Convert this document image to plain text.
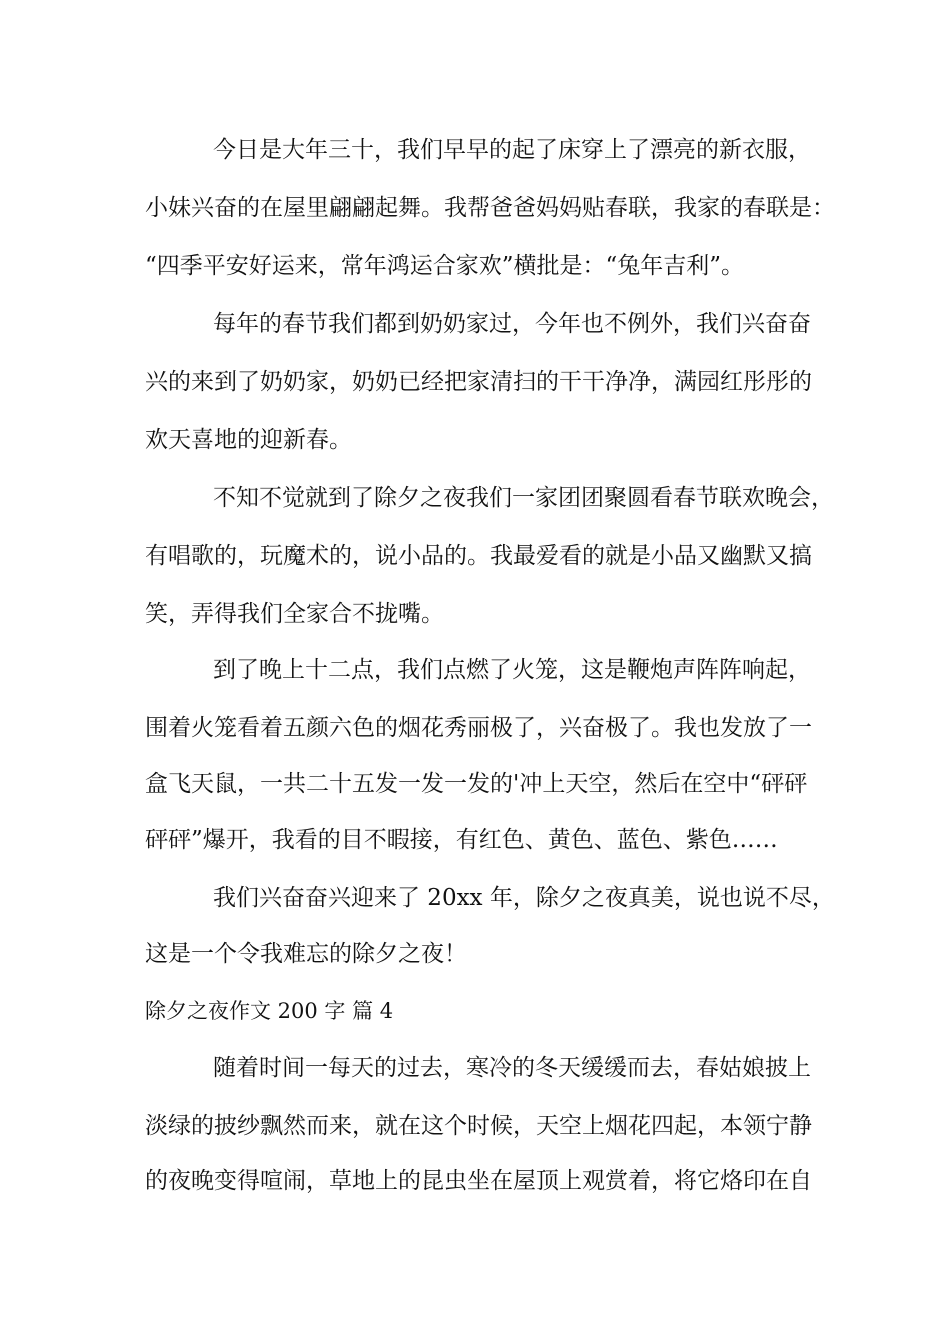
今日是大年三十，我们早早的起了床穿上了漂亮的新衣服，
小妹兴奋的在屋里翩翩起舞。我帮爸爸妈妈贴春联，我家的春联是：
“四季平安好运来，常年鸿运合家欢”横批是：“兔年吉利”。
每年的春节我们都到奶奶家过，今年也不例外，我们兴奋奋
兴的来到了奶奶家，奶奶已经把家清扫的干干净净，满园红彤彤的
欢天喜地的迎新春。
不知不觉就到了除夕之夜我们一家团团聚圆看春节联欢晚会，
有唱歌的，玩魔术的，说小品的。我最爱看的就是小品又幽默又搞
笑，弄得我们全家合不拢嘴。
到了晚上十二点，我们点燃了火笼，这是鞭炮声阵阵响起，
围着火笼看着五颜六色的烟花秀丽极了，兴奋极了。我也发放了一
盒飞天鼠，一共二十五发一发一发的'冲上天空，然后在空中“砰砰
砰砰”爆开，我看的目不暇接，有红色、黄色、蓝色、紫色……
我们兴奋奋兴迎来了 20xx 年，除夕之夜真美，说也说不尽，
这是一个令我难忘的除夕之夜！
除夕之夜作文 200 字 篇 4
随着时间一每天的过去，寒冷的冬天缓缓而去，春姑娘披上
淡绿的披纱飘然而来，就在这个时候，天空上烟花四起，本领宁静
的夜晚变得喧闹，草地上的昆虫坐在屋顶上观赏着，将它烙印在自
